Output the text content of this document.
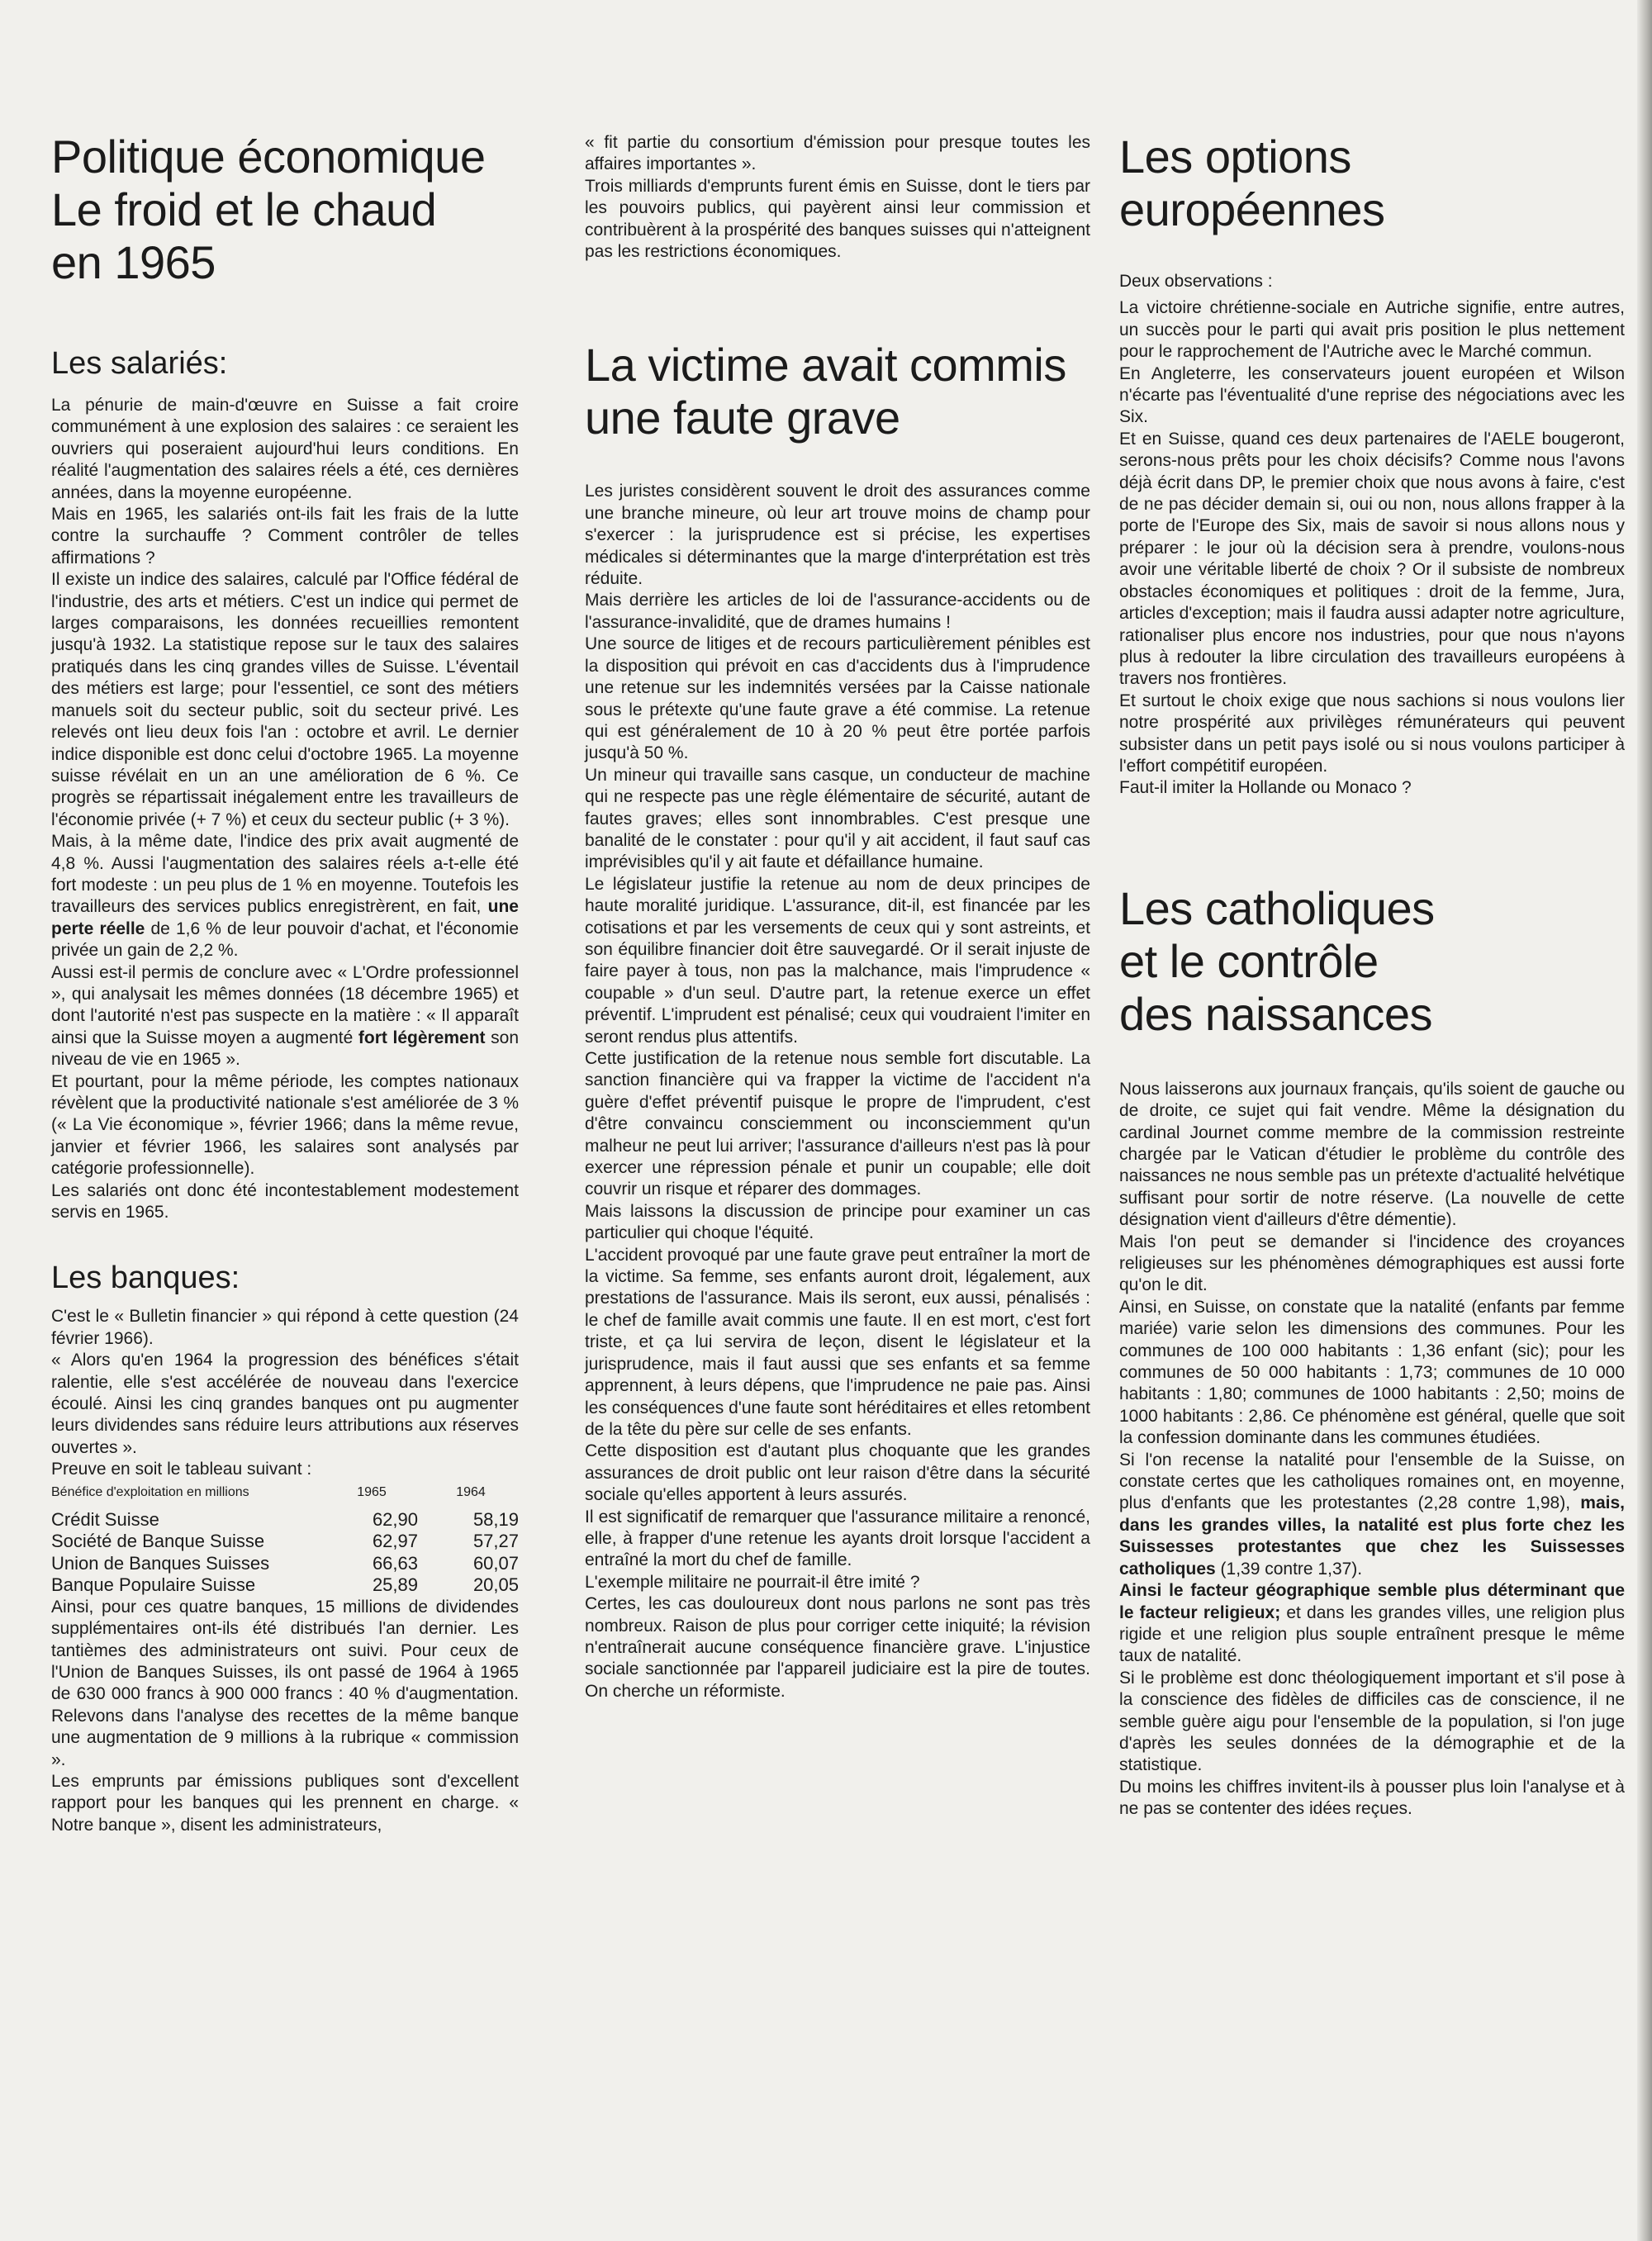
Politique économique
Le froid et le chaud
en 1965
Les salariés:

La pénurie de main-d'œuvre en Suisse a fait croire communément à une explosion des salaires : ce seraient les ouvriers qui poseraient aujourd'hui leurs conditions. En réalité l'augmentation des salaires réels a été, ces dernières années, dans la moyenne européenne.

Mais en 1965, les salariés ont-ils fait les frais de la lutte contre la surchauffe ? Comment contrôler de telles affirmations ?

Il existe un indice des salaires, calculé par l'Office fédéral de l'industrie, des arts et métiers. C'est un indice qui permet de larges comparaisons, les données recueillies remontent jusqu'à 1932. La statistique repose sur le taux des salaires pratiqués dans les cinq grandes villes de Suisse. L'éventail des métiers est large; pour l'essentiel, ce sont des métiers manuels soit du secteur public, soit du secteur privé. Les relevés ont lieu deux fois l'an : octobre et avril. Le dernier indice disponible est donc celui d'octobre 1965. La moyenne suisse révélait en un an une amélioration de 6 %. Ce progrès se répartissait inégalement entre les travailleurs de l'économie privée (+ 7 %) et ceux du secteur public (+ 3 %).

Mais, à la même date, l'indice des prix avait augmenté de 4,8 %. Aussi l'augmentation des salaires réels a-t-elle été fort modeste : un peu plus de 1 % en moyenne. Toutefois les travailleurs des services publics enregistrèrent, en fait, une perte réelle de 1,6 % de leur pouvoir d'achat, et l'économie privée un gain de 2,2 %.

Aussi est-il permis de conclure avec « L'Ordre professionnel », qui analysait les mêmes données (18 décembre 1965) et dont l'autorité n'est pas suspecte en la matière : « Il apparaît ainsi que la Suisse moyen a augmenté fort légèrement son niveau de vie en 1965 ».

Et pourtant, pour la même période, les comptes nationaux révèlent que la productivité nationale s'est améliorée de 3 % (« La Vie économique », février 1966; dans la même revue, janvier et février 1966, les salaires sont analysés par catégorie professionnelle).

Les salariés ont donc été incontestablement modestement servis en 1965.

Les banques:

C'est le « Bulletin financier » qui répond à cette question (24 février 1966).

« Alors qu'en 1964 la progression des bénéfices s'était ralentie, elle s'est accélérée de nouveau dans l'exercice écoulé. Ainsi les cinq grandes banques ont pu augmenter leurs dividendes sans réduire leurs attributions aux réserves ouvertes ».

Preuve en soit le tableau suivant :

Bénéfice d'exploitation en millions	1965	1964
Crédit Suisse	62,90	58,19
Société de Banque Suisse	62,97	57,27
Union de Banques Suisses	66,63	60,07
Banque Populaire Suisse	25,89	20,05

Ainsi, pour ces quatre banques, 15 millions de dividendes supplémentaires ont-ils été distribués l'an dernier. Les tantièmes des administrateurs ont suivi. Pour ceux de l'Union de Banques Suisses, ils ont passé de 1964 à 1965 de 630 000 francs à 900 000 francs : 40 % d'augmentation. Relevons dans l'analyse des recettes de la même banque une augmentation de 9 millions à la rubrique « commission ».

Les emprunts par émissions publiques sont d'excellent rapport pour les banques qui les prennent en charge. « Notre banque », disent les administrateurs,

« fit partie du consortium d'émission pour presque toutes les affaires importantes ».

Trois milliards d'emprunts furent émis en Suisse, dont le tiers par les pouvoirs publics, qui payèrent ainsi leur commission et contribuèrent à la prospérité des banques suisses qui n'atteignent pas les restrictions économiques.

La victime avait commis
une faute grave

Les juristes considèrent souvent le droit des assurances comme une branche mineure, où leur art trouve moins de champ pour s'exercer : la jurisprudence est si précise, les expertises médicales si déterminantes que la marge d'interprétation est très réduite.

Mais derrière les articles de loi de l'assurance-accidents ou de l'assurance-invalidité, que de drames humains !

Une source de litiges et de recours particulièrement pénibles est la disposition qui prévoit en cas d'accidents dus à l'imprudence une retenue sur les indemnités versées par la Caisse nationale sous le prétexte qu'une faute grave a été commise. La retenue qui est généralement de 10 à 20 % peut être portée parfois jusqu'à 50 %.

Un mineur qui travaille sans casque, un conducteur de machine qui ne respecte pas une règle élémentaire de sécurité, autant de fautes graves; elles sont innombrables. C'est presque une banalité de le constater : pour qu'il y ait accident, il faut sauf cas imprévisibles qu'il y ait faute et défaillance humaine.

Le législateur justifie la retenue au nom de deux principes de haute moralité juridique. L'assurance, dit-il, est financée par les cotisations et par les versements de ceux qui y sont astreints, et son équilibre financier doit être sauvegardé. Or il serait injuste de faire payer à tous, non pas la malchance, mais l'imprudence « coupable » d'un seul. D'autre part, la retenue exerce un effet préventif. L'imprudent est pénalisé; ceux qui voudraient l'imiter en seront rendus plus attentifs.

Cette justification de la retenue nous semble fort discutable. La sanction financière qui va frapper la victime de l'accident n'a guère d'effet préventif puisque le propre de l'imprudent, c'est d'être convaincu consciemment ou inconsciemment qu'un malheur ne peut lui arriver; l'assurance d'ailleurs n'est pas là pour exercer une répression pénale et punir un coupable; elle doit couvrir un risque et réparer des dommages.

Mais laissons la discussion de principe pour examiner un cas particulier qui choque l'équité.

L'accident provoqué par une faute grave peut entraîner la mort de la victime. Sa femme, ses enfants auront droit, légalement, aux prestations de l'assurance. Mais ils seront, eux aussi, pénalisés : le chef de famille avait commis une faute. Il en est mort, c'est fort triste, et ça lui servira de leçon, disent le législateur et la jurisprudence, mais il faut aussi que ses enfants et sa femme apprennent, à leurs dépens, que l'imprudence ne paie pas. Ainsi les conséquences d'une faute sont héréditaires et elles retombent de la tête du père sur celle de ses enfants.

Cette disposition est d'autant plus choquante que les grandes assurances de droit public ont leur raison d'être dans la sécurité sociale qu'elles apportent à leurs assurés.

Il est significatif de remarquer que l'assurance militaire a renoncé, elle, à frapper d'une retenue les ayants droit lorsque l'accident a entraîné la mort du chef de famille.

L'exemple militaire ne pourrait-il être imité ?

Certes, les cas douloureux dont nous parlons ne sont pas très nombreux. Raison de plus pour corriger cette iniquité; la révision n'entraînerait aucune conséquence financière grave. L'injustice sociale sanctionnée par l'appareil judiciaire est la pire de toutes. On cherche un réformiste.

Les options
européennes

Deux observations :

La victoire chrétienne-sociale en Autriche signifie, entre autres, un succès pour le parti qui avait pris position le plus nettement pour le rapprochement de l'Autriche avec le Marché commun.

En Angleterre, les conservateurs jouent européen et Wilson n'écarte pas l'éventualité d'une reprise des négociations avec les Six.

Et en Suisse, quand ces deux partenaires de l'AELE bougeront, serons-nous prêts pour les choix décisifs? Comme nous l'avons déjà écrit dans DP, le premier choix que nous avons à faire, c'est de ne pas décider demain si, oui ou non, nous allons frapper à la porte de l'Europe des Six, mais de savoir si nous allons nous y préparer : le jour où la décision sera à prendre, voulons-nous avoir une véritable liberté de choix ? Or il subsiste de nombreux obstacles économiques et politiques : droit de la femme, Jura, articles d'exception; mais il faudra aussi adapter notre agriculture, rationaliser plus encore nos industries, pour que nous n'ayons plus à redouter la libre circulation des travailleurs européens à travers nos frontières.

Et surtout le choix exige que nous sachions si nous voulons lier notre prospérité aux privilèges rémunérateurs qui peuvent subsister dans un petit pays isolé ou si nous voulons participer à l'effort compétitif européen.

Faut-il imiter la Hollande ou Monaco ?

Les catholiques
et le contrôle
des naissances

Nous laisserons aux journaux français, qu'ils soient de gauche ou de droite, ce sujet qui fait vendre. Même la désignation du cardinal Journet comme membre de la commission restreinte chargée par le Vatican d'étudier le problème du contrôle des naissances ne nous semble pas un prétexte d'actualité helvétique suffisant pour sortir de notre réserve. (La nouvelle de cette désignation vient d'ailleurs d'être démentie).

Mais l'on peut se demander si l'incidence des croyances religieuses sur les phénomènes démographiques est aussi forte qu'on le dit.

Ainsi, en Suisse, on constate que la natalité (enfants par femme mariée) varie selon les dimensions des communes. Pour les communes de 100 000 habitants : 1,36 enfant (sic); pour les communes de 50 000 habitants : 1,73; communes de 10 000 habitants : 1,80; communes de 1000 habitants : 2,50; moins de 1000 habitants : 2,86. Ce phénomène est général, quelle que soit la confession dominante dans les communes étudiées.

Si l'on recense la natalité pour l'ensemble de la Suisse, on constate certes que les catholiques romaines ont, en moyenne, plus d'enfants que les protestantes (2,28 contre 1,98), mais, dans les grandes villes, la natalité est plus forte chez les Suissesses protestantes que chez les Suissesses catholiques (1,39 contre 1,37).

Ainsi le facteur géographique semble plus déterminant que le facteur religieux; et dans les grandes villes, une religion plus rigide et une religion plus souple entraînent presque le même taux de natalité.

Si le problème est donc théologiquement important et s'il pose à la conscience des fidèles de difficiles cas de conscience, il ne semble guère aigu pour l'ensemble de la population, si l'on juge d'après les seules données de la démographie et de la statistique.

Du moins les chiffres invitent-ils à pousser plus loin l'analyse et à ne pas se contenter des idées reçues.
